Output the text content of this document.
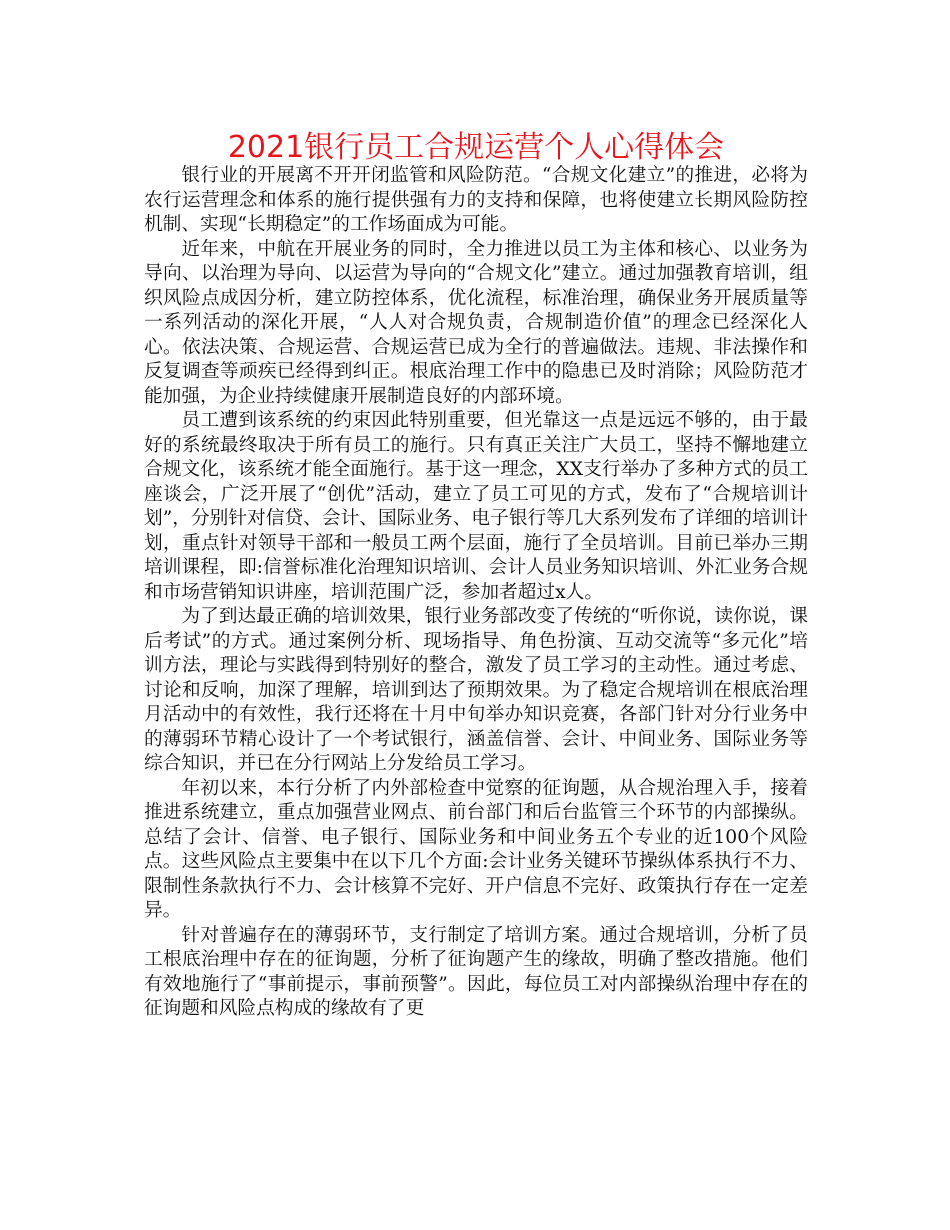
2021银行员工合规运营个人心得体会

银行业的开展离不开开闭监管和风险防范。“合规文化建立”的推进，必将为农行运营理念和体系的施行提供强有力的支持和保障，也将使建立长期风险防控机制、实现“长期稳定”的工作场面成为可能。

近年来，中航在开展业务的同时，全力推进以员工为主体和核心、以业务为导向、以治理为导向、以运营为导向的“合规文化”建立。通过加强教育培训，组织风险点成因分析，建立防控体系，优化流程，标准治理，确保业务开展质量等一系列活动的深化开展，“人人对合规负责，合规制造价值”的理念已经深化人心。依法决策、合规运营、合规运营已成为全行的普遍做法。违规、非法操作和反复调查等顽疾已经得到纠正。根底治理工作中的隐患已及时消除；风险防范才能加强，为企业持续健康开展制造良好的内部环境。

员工遭到该系统的约束因此特别重要，但光靠这一点是远远不够的，由于最好的系统最终取决于所有员工的施行。只有真正关注广大员工，坚持不懈地建立合规文化，该系统才能全面施行。基于这一理念，XX支行举办了多种方式的员工座谈会，广泛开展了“创优”活动，建立了员工可见的方式，发布了“合规培训计划”，分别针对信贷、会计、国际业务、电子银行等几大系列发布了详细的培训计划，重点针对领导干部和一般员工两个层面，施行了全员培训。目前已举办三期培训课程，即:信誉标准化治理知识培训、会计人员业务知识培训、外汇业务合规和市场营销知识讲座，培训范围广泛，参加者超过x人。

为了到达最正确的培训效果，银行业务部改变了传统的“听你说，读你说，课后考试”的方式。通过案例分析、现场指导、角色扮演、互动交流等“多元化”培训方法，理论与实践得到特别好的整合，激发了员工学习的主动性。通过考虑、讨论和反响，加深了理解，培训到达了预期效果。为了稳定合规培训在根底治理月活动中的有效性，我行还将在十月中旬举办知识竞赛，各部门针对分行业务中的薄弱环节精心设计了一个考试银行，涵盖信誉、会计、中间业务、国际业务等综合知识，并已在分行网站上分发给员工学习。

年初以来，本行分析了内外部检查中觉察的征询题，从合规治理入手，接着推进系统建立，重点加强营业网点、前台部门和后台监管三个环节的内部操纵。总结了会计、信誉、电子银行、国际业务和中间业务五个专业的近100个风险点。这些风险点主要集中在以下几个方面:会计业务关键环节操纵体系执行不力、限制性条款执行不力、会计核算不完好、开户信息不完好、政策执行存在一定差异。

针对普遍存在的薄弱环节，支行制定了培训方案。通过合规培训，分析了员工根底治理中存在的征询题，分析了征询题产生的缘故，明确了整改措施。他们有效地施行了“事前提示，事前预警”。因此，每位员工对内部操纵治理中存在的征询题和风险点构成的缘故有了更
